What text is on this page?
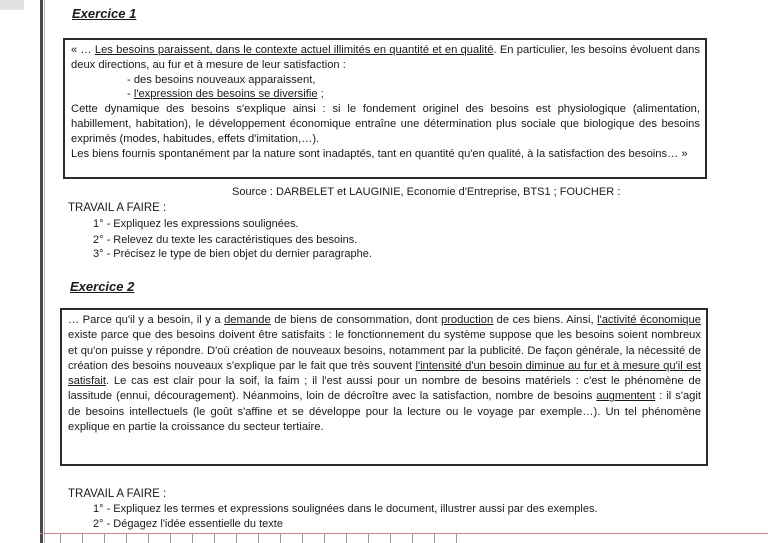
Exercice 1

« … Les besoins paraissent, dans le contexte actuel illimités en quantité et en qualité. En particulier, les besoins évoluent dans deux directions, au fur et à mesure de leur satisfaction :

- des besoins nouveaux apparaissent,

- l'expression des besoins se diversifie ;

Cette dynamique des besoins s'explique ainsi : si le fondement originel des besoins est physiologique (alimentation, habillement, habitation), le développement économique entraîne une détermination plus sociale que biologique des besoins exprimés (modes, habitudes, effets d'imitation,…).

Les biens fournis spontanément par la nature sont inadaptés, tant en quantité qu'en qualité, à la satisfaction des besoins… »

Source : DARBELET et LAUGINIE, Economie d'Entreprise, BTS1 ; FOUCHER :
TRAVAIL A FAIRE :
1° - Expliquez les expressions soulignées.
2° - Relevez du texte les caractéristiques des besoins.
3° - Précisez le type de bien objet du dernier paragraphe.
Exercice 2

… Parce qu'il y a besoin, il y a demande de biens de consommation, dont production de ces biens. Ainsi, l'activité économique existe parce que des besoins doivent être satisfaits : le fonctionnement du système suppose que les besoins soient nombreux et qu'on puisse y répondre. D'où création de nouveaux besoins, notamment par la publicité. De façon générale, la nécessité de création des besoins nouveaux s'explique par le fait que très souvent l'intensité d'un besoin diminue au fur et à mesure qu'il est satisfait. Le cas est clair pour la soif, la faim ; il l'est aussi pour un nombre de besoins matériels : c'est le phénomène de lassitude (ennui, découragement). Néanmoins, loin de décroître avec la satisfaction, nombre de besoins augmentent : il s'agit de besoins intellectuels (le goût s'affine et se développe pour la lecture ou le voyage par exemple…). Un tel phénomène explique en partie la croissance du secteur tertiaire.

TRAVAIL A FAIRE :
1° - Expliquez les termes et expressions soulignées dans le document, illustrer aussi par des exemples.
2° - Dégagez l'idée essentielle du texte
